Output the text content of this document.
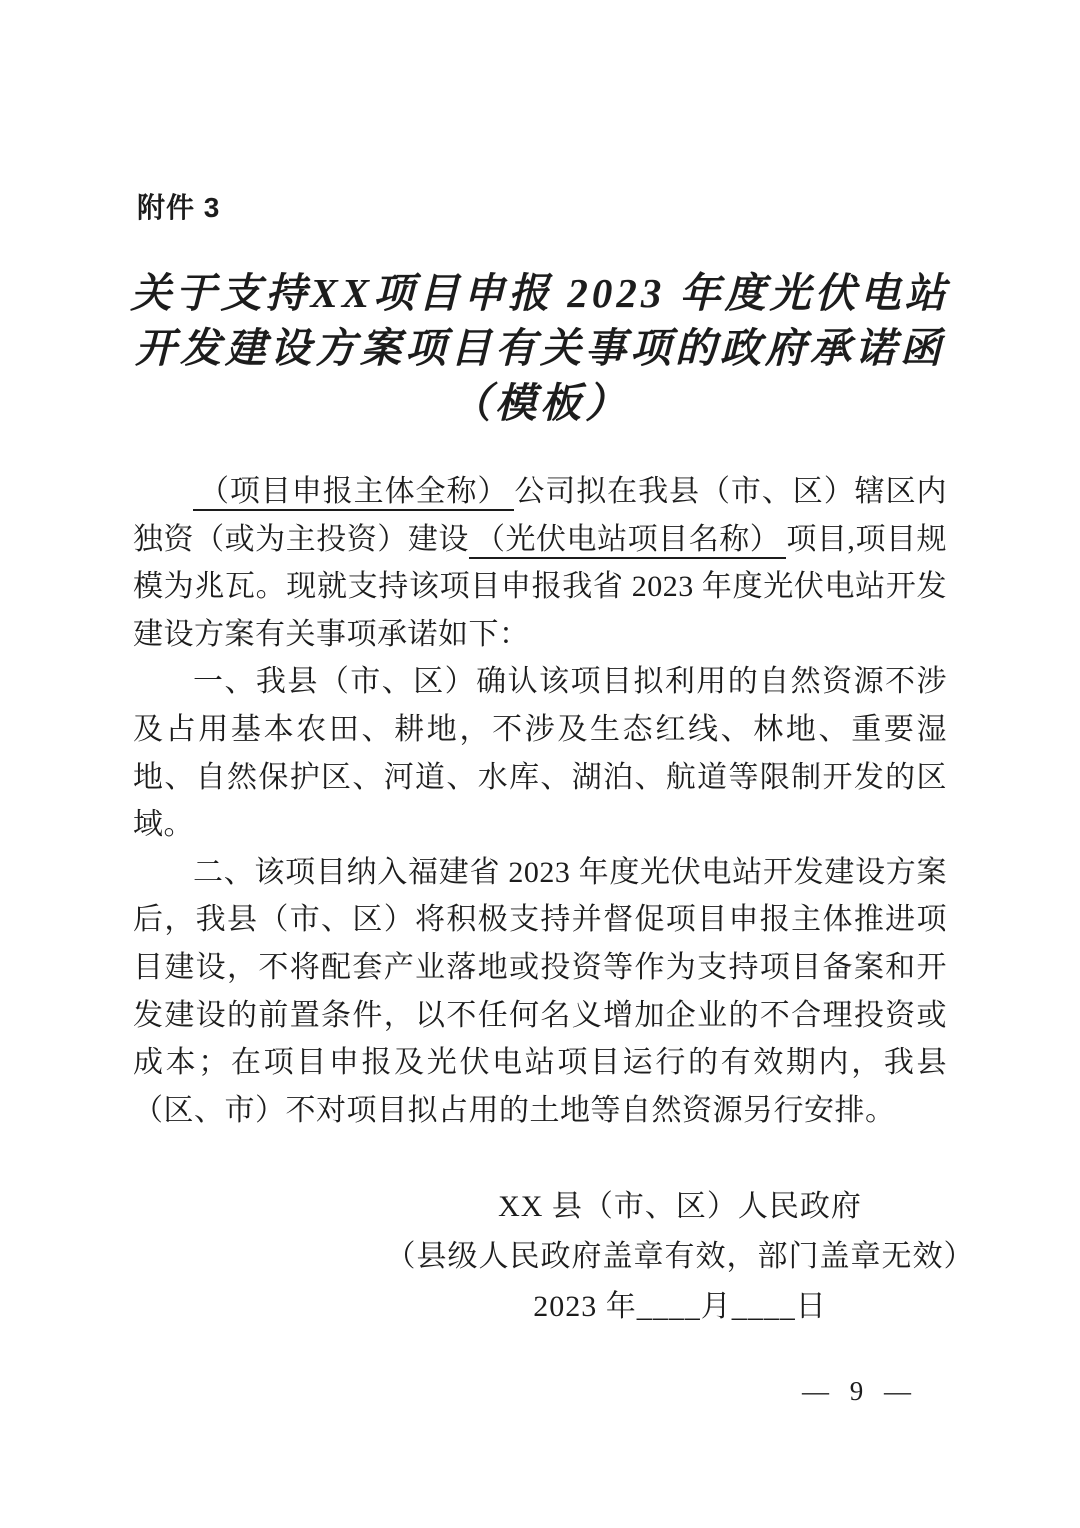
附件 3
关于支持XX项目申报 2023 年度光伏电站
开发建设方案项目有关事项的政府承诺函
（模板）

（项目申报主体全称） 公司拟在我县（市、区）辖区内独资（或为主投资）建设 （光伏电站项目名称） 项目,项目规模为兆瓦。现就支持该项目申报我省 2023 年度光伏电站开发建设方案有关事项承诺如下：

一、我县（市、区）确认该项目拟利用的自然资源不涉及占用基本农田、耕地，不涉及生态红线、林地、重要湿地、自然保护区、河道、水库、湖泊、航道等限制开发的区域。

二、该项目纳入福建省 2023 年度光伏电站开发建设方案后，我县（市、区）将积极支持并督促项目申报主体推进项目建设，不将配套产业落地或投资等作为支持项目备案和开发建设的前置条件，以不任何名义增加企业的不合理投资或成本；在项目申报及光伏电站项目运行的有效期内，我县（区、市）不对项目拟占用的土地等自然资源另行安排。

XX 县（市、区）人民政府
（县级人民政府盖章有效，部门盖章无效）
2023 年____月____日
— 9 —
